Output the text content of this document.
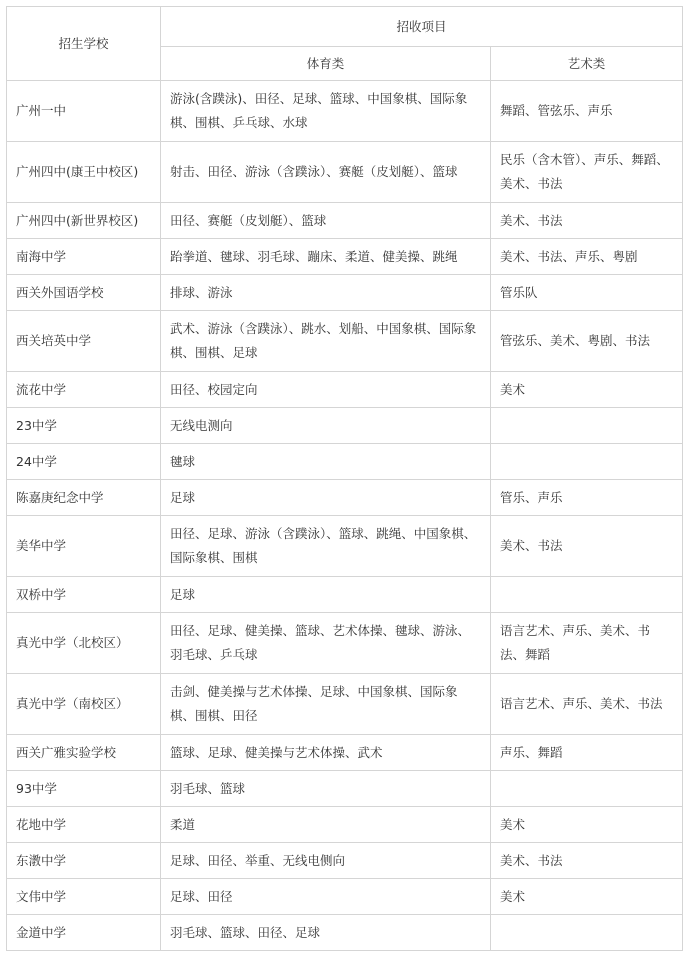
招生学校	招收项目	
	体育类	艺术类
广州一中	游泳(含蹼泳)、田径、足球、篮球、中国象棋、国际象棋、围棋、乒乓球、水球	舞蹈、管弦乐、声乐
广州四中(康王中校区)	射击、田径、游泳（含蹼泳）、赛艇（皮划艇）、篮球	民乐（含木管）、声乐、舞蹈、美术、书法
广州四中(新世界校区)	田径、赛艇（皮划艇）、篮球	美术、书法
南海中学	跆拳道、毽球、羽毛球、蹦床、柔道、健美操、跳绳	美术、书法、声乐、粤剧
西关外国语学校	排球、游泳	管乐队
西关培英中学	武术、游泳（含蹼泳）、跳水、划船、中国象棋、国际象棋、围棋、足球	管弦乐、美术、粤剧、书法
流花中学	田径、校园定向	美术
23中学	无线电测向	
24中学	毽球	
陈嘉庚纪念中学	足球	管乐、声乐
美华中学	田径、足球、游泳（含蹼泳）、篮球、跳绳、中国象棋、国际象棋、围棋	美术、书法
双桥中学	足球	
真光中学（北校区）	田径、足球、健美操、篮球、艺术体操、毽球、游泳、羽毛球、乒乓球	语言艺术、声乐、美术、书法、舞蹈
真光中学（南校区）	击剑、健美操与艺术体操、足球、中国象棋、国际象棋、围棋、田径	语言艺术、声乐、美术、书法
西关广雅实验学校	篮球、足球、健美操与艺术体操、武术	声乐、舞蹈
93中学	羽毛球、篮球	
花地中学	柔道	美术
东漖中学	足球、田径、举重、无线电侧向	美术、书法
文伟中学	足球、田径	美术
金道中学	羽毛球、篮球、田径、足球	
